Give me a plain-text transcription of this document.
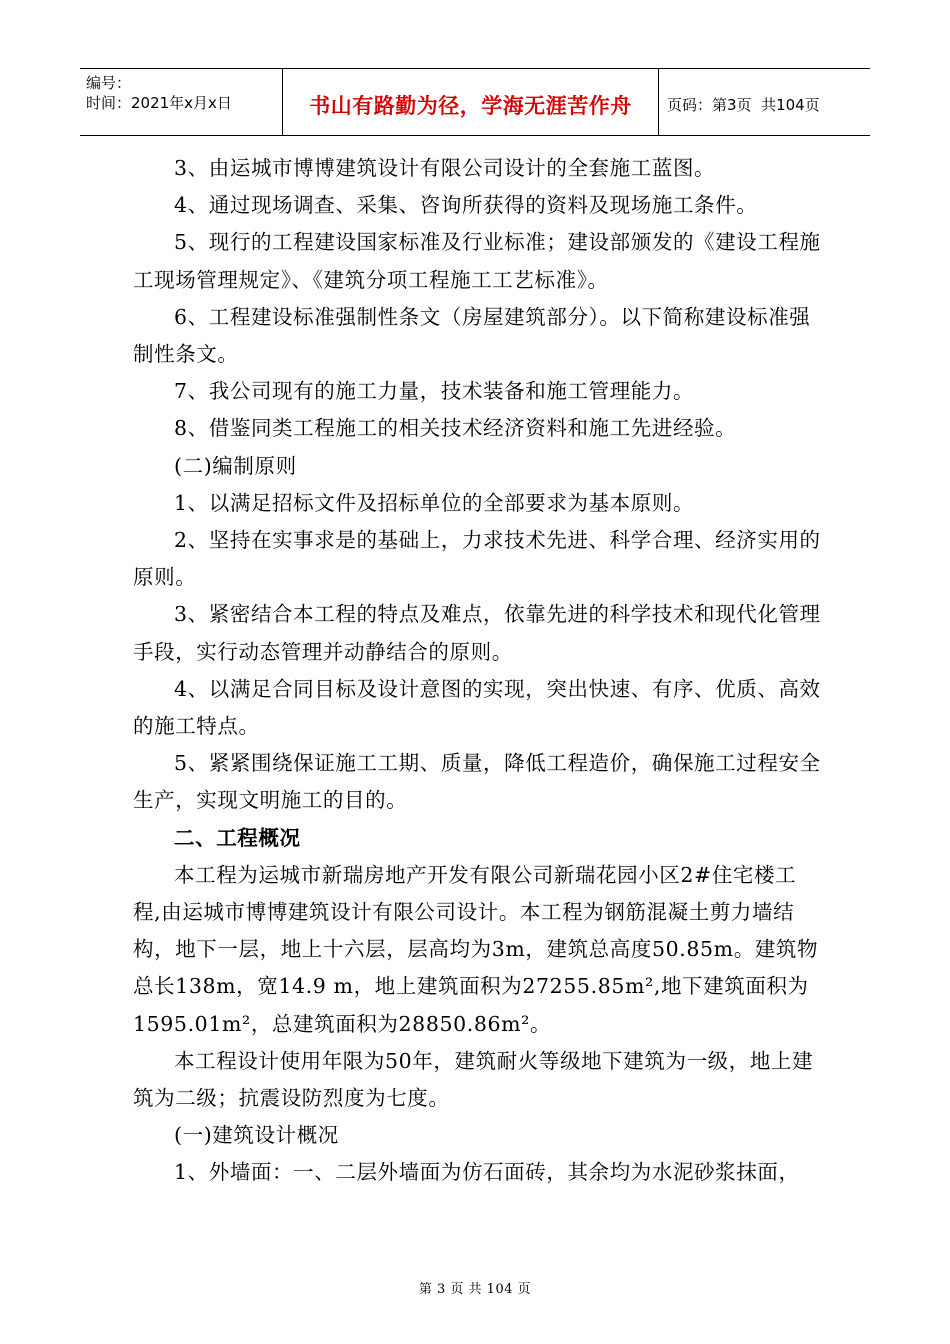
编号：
时间：2021年x月x日	书山有路勤为径，学海无涯苦作舟	页码：第3页  共104页

3、由运城市博博建筑设计有限公司设计的全套施工蓝图。

4、通过现场调查、采集、咨询所获得的资料及现场施工条件。

5、现行的工程建设国家标准及行业标准；建设部颁发的《建设工程施工现场管理规定》、《建筑分项工程施工工艺标准》。

6、工程建设标准强制性条文（房屋建筑部分）。以下简称建设标准强制性条文。

7、我公司现有的施工力量，技术装备和施工管理能力。

8、借鉴同类工程施工的相关技术经济资料和施工先进经验。

(二)编制原则

1、以满足招标文件及招标单位的全部要求为基本原则。

2、坚持在实事求是的基础上，力求技术先进、科学合理、经济实用的原则。

3、紧密结合本工程的特点及难点，依靠先进的科学技术和现代化管理手段，实行动态管理并动静结合的原则。

4、以满足合同目标及设计意图的实现，突出快速、有序、优质、高效的施工特点。

5、紧紧围绕保证施工工期、质量，降低工程造价，确保施工过程安全生产，实现文明施工的目的。

二、工程概况

本工程为运城市新瑞房地产开发有限公司新瑞花园小区2#住宅楼工程,由运城市博博建筑设计有限公司设计。本工程为钢筋混凝土剪力墙结构，地下一层，地上十六层，层高均为3m，建筑总高度50.85m。建筑物总长138m，宽14.9 m，地上建筑面积为27255.85m²,地下建筑面积为1595.01m²，总建筑面积为28850.86m²。

本工程设计使用年限为50年，建筑耐火等级地下建筑为一级，地上建筑为二级；抗震设防烈度为七度。

(一)建筑设计概况

1、外墙面：一、二层外墙面为仿石面砖，其余均为水泥砂浆抹面，

第 3 页 共 104 页
